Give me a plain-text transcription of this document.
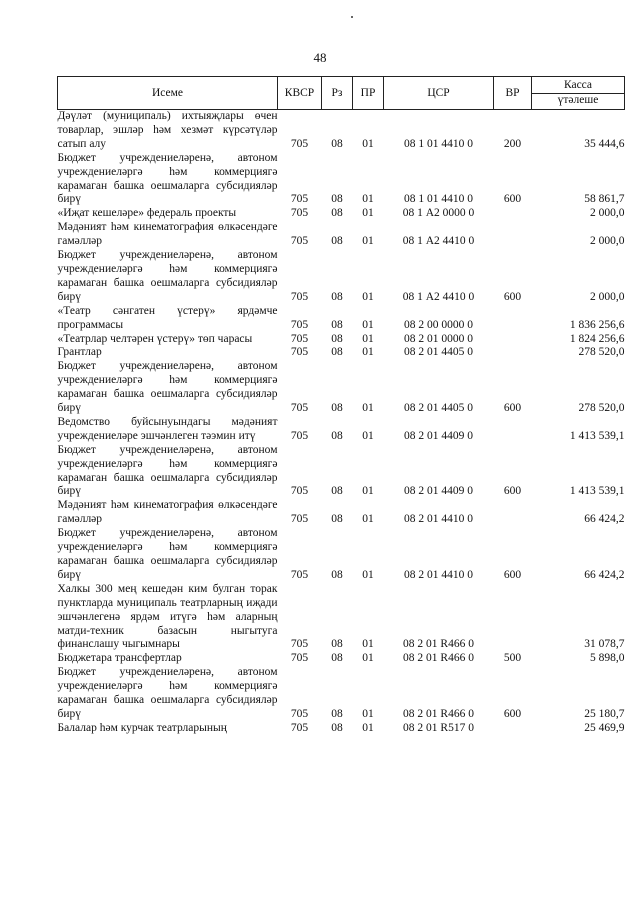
48
Исеме	КВСР	Рз	ПР	ЦСР	ВР	Касса
үтәлеше

Дәүләт (муниципаль) ихтыяҗлары өчен товарлар, эшләр һәм хезмәт күрсәтүләр сатып алу	705	08	01	08 1 01 4410 0	200	35 444,6
Бюджет учреждениеләренә, автоном учреждениеләргә һәм коммерциягә карамаган башка оешмаларга субсидияләр бирү	705	08	01	08 1 01 4410 0	600	58 861,7
«Иҗат кешеләре» федераль проекты	705	08	01	08 1 А2 0000 0		2 000,0
Мәдәният һәм кинематография өлкәсендәге гамәлләр	705	08	01	08 1 А2 4410 0		2 000,0
Бюджет учреждениеләренә, автоном учреждениеләргә һәм коммерциягә карамаган башка оешмаларга субсидияләр бирү	705	08	01	08 1 А2 4410 0	600	2 000,0
«Театр сәнгатен үстерү» ярдәмче программасы	705	08	01	08 2 00 0000 0		1 836 256,6
«Театрлар челтәрен үстерү» төп чарасы	705	08	01	08 2 01 0000 0		1 824 256,6
Грантлар	705	08	01	08 2 01 4405 0		278 520,0
Бюджет учреждениеләренә, автоном учреждениеләргә һәм коммерциягә карамаган башка оешмаларга субсидияләр бирү	705	08	01	08 2 01 4405 0	600	278 520,0
Ведомство буйсынуындагы мәдәният учреждениеләре эшчәнлеген тәэмин итү	705	08	01	08 2 01 4409 0		1 413 539,1
Бюджет учреждениеләренә, автоном учреждениеләргә һәм коммерциягә карамаган башка оешмаларга субсидияләр бирү	705	08	01	08 2 01 4409 0	600	1 413 539,1
Мәдәният һәм кинематография өлкәсендәге гамәлләр	705	08	01	08 2 01 4410 0		66 424,2
Бюджет учреждениеләренә, автоном учреждениеләргә һәм коммерциягә карамаган башка оешмаларга субсидияләр бирү	705	08	01	08 2 01 4410 0	600	66 424,2
Халкы 300 мең кешедән ким булган торак пунктларда муниципаль театрларның иҗади эшчәнлегенә ярдәм итүгә һәм аларның матди-техник базасын ныгытуга финанслашу чыгымнары	705	08	01	08 2 01 R466 0		31 078,7
Бюджетара трансфертлар	705	08	01	08 2 01 R466 0	500	5 898,0
Бюджет учреждениеләренә, автоном учреждениеләргә һәм коммерциягә карамаган башка оешмаларга субсидияләр бирү	705	08	01	08 2 01 R466 0	600	25 180,7
Балалар һәм курчак театрларының	705	08	01	08 2 01 R517 0		25 469,9
